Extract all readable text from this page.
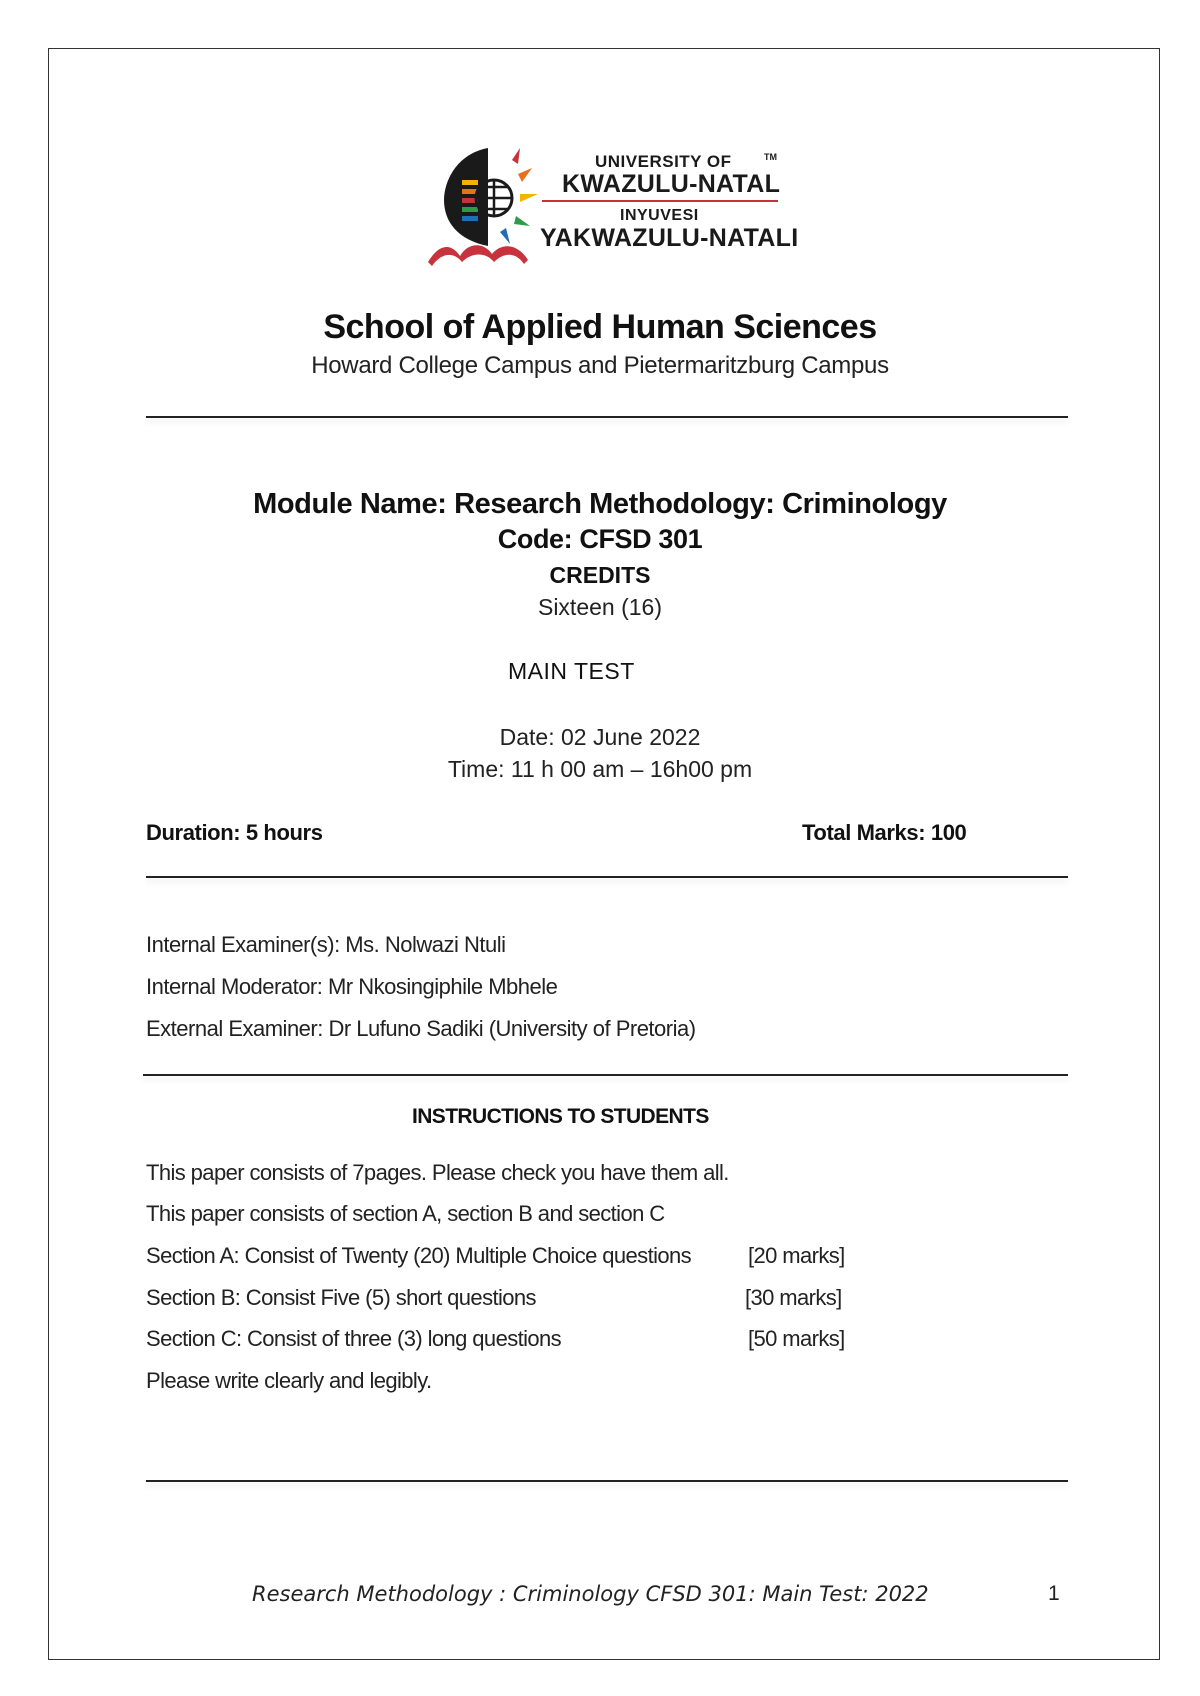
UNIVERSITY OF	TM
KWAZULU-NATAL
INYUVESI
YAKWAZULU-NATALI
School of Applied Human Sciences
Howard College Campus and Pietermaritzburg Campus
Module Name: Research Methodology: Criminology
Code: CFSD 301
CREDITS
Sixteen (16)
MAIN TEST
Date: 02 June 2022
Time: 11 h 00 am – 16h00 pm
Duration: 5 hours	Total Marks: 100
Internal Examiner(s): Ms. Nolwazi Ntuli
Internal Moderator: Mr Nkosingiphile Mbhele
External Examiner: Dr Lufuno Sadiki (University of Pretoria)
INSTRUCTIONS TO STUDENTS
This paper consists of 7pages. Please check you have them all.
This paper consists of section A, section B and section C
Section A: Consist of Twenty (20) Multiple Choice questions	[20 marks]
Section B: Consist Five (5) short questions	[30 marks]
Section C: Consist of three (3) long questions	[50 marks]
Please write clearly and legibly.
Research Methodology : Criminology CFSD 301: Main Test: 2022	1
